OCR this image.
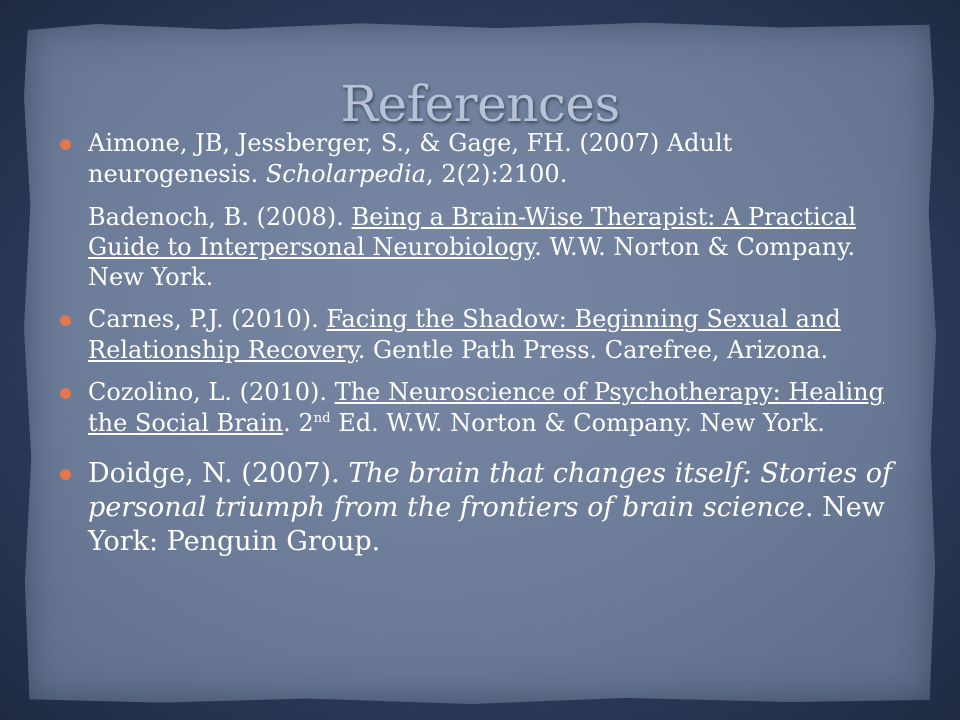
References
Aimone, JB, Jessberger, S., & Gage, FH. (2007) Adult neurogenesis. Scholarpedia, 2(2):2100.
Badenoch, B. (2008). Being a Brain-Wise Therapist: A Practical Guide to Interpersonal Neurobiology. W.W. Norton & Company. New York.
Carnes, P.J. (2010). Facing the Shadow: Beginning Sexual and Relationship Recovery. Gentle Path Press. Carefree, Arizona.
Cozolino, L. (2010). The Neuroscience of Psychotherapy: Healing the Social Brain. 2nd Ed. W.W. Norton & Company. New York.
Doidge, N. (2007). The brain that changes itself: Stories of personal triumph from the frontiers of brain science. New York: Penguin Group.
